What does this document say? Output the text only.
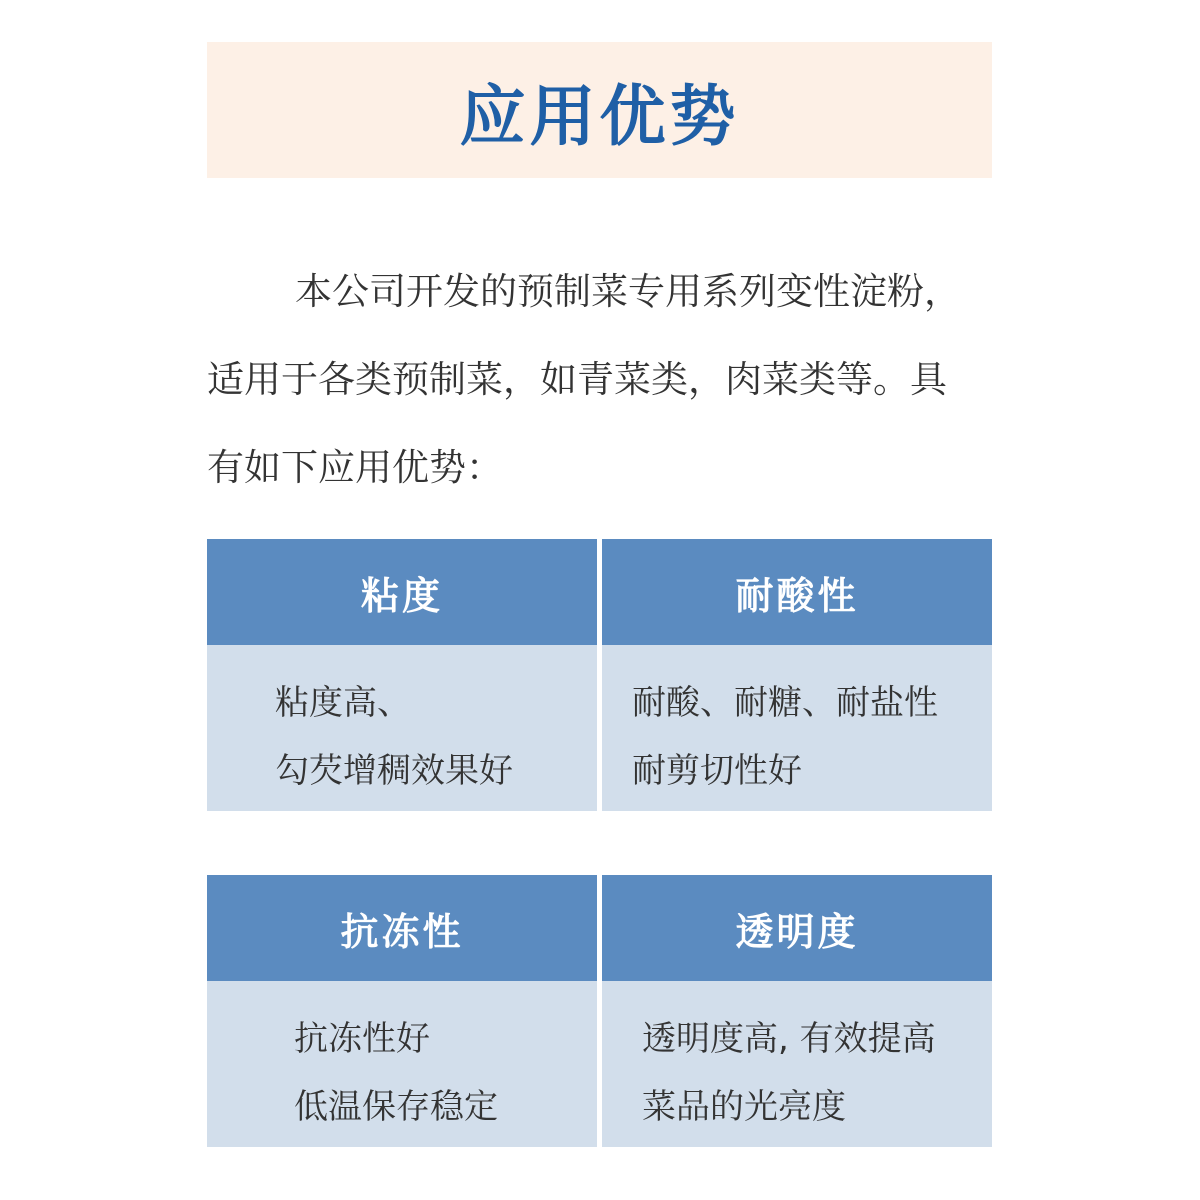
应用优势

本公司开发的预制菜专用系列变性淀粉，适用于各类预制菜，如青菜类，肉菜类等。具有如下应用优势：

粘度
粘度高、
勾芡增稠效果好
耐酸性
耐酸、耐糖、耐盐性
耐剪切性好
抗冻性
抗冻性好
低温保存稳定
透明度
透明度高, 有效提高
菜品的光亮度
